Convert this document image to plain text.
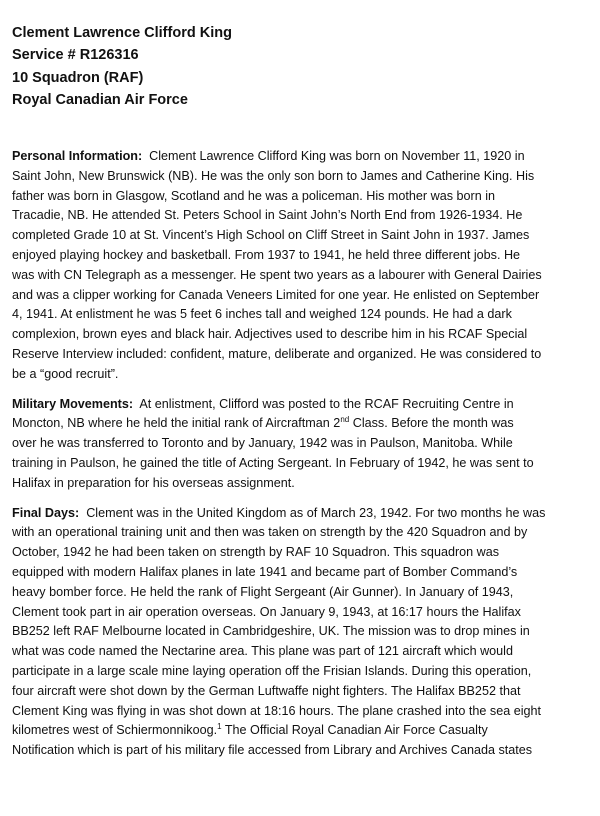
Clement Lawrence Clifford King
Service # R126316
10 Squadron (RAF)
Royal Canadian Air Force
Personal Information: Clement Lawrence Clifford King was born on November 11, 1920 in
Saint John, New Brunswick (NB). He was the only son born to James and Catherine King. His
father was born in Glasgow, Scotland and he was a policeman. His mother was born in
Tracadie, NB. He attended St. Peters School in Saint John’s North End from 1926-1934. He
completed Grade 10 at St. Vincent’s High School on Cliff Street in Saint John in 1937. James
enjoyed playing hockey and basketball. From 1937 to 1941, he held three different jobs. He
was with CN Telegraph as a messenger. He spent two years as a labourer with General Dairies
and was a clipper working for Canada Veneers Limited for one year. He enlisted on September
4, 1941. At enlistment he was 5 feet 6 inches tall and weighed 124 pounds. He had a dark
complexion, brown eyes and black hair. Adjectives used to describe him in his RCAF Special
Reserve Interview included: confident, mature, deliberate and organized. He was considered to
be a “good recruit”.
Military Movements: At enlistment, Clifford was posted to the RCAF Recruiting Centre in
Moncton, NB where he held the initial rank of Aircraftman 2nd Class. Before the month was
over he was transferred to Toronto and by January, 1942 was in Paulson, Manitoba. While
training in Paulson, he gained the title of Acting Sergeant. In February of 1942, he was sent to
Halifax in preparation for his overseas assignment.
Final Days: Clement was in the United Kingdom as of March 23, 1942. For two months he was
with an operational training unit and then was taken on strength by the 420 Squadron and by
October, 1942 he had been taken on strength by RAF 10 Squadron. This squadron was
equipped with modern Halifax planes in late 1941 and became part of Bomber Command’s
heavy bomber force. He held the rank of Flight Sergeant (Air Gunner). In January of 1943,
Clement took part in air operation overseas. On January 9, 1943, at 16:17 hours the Halifax
BB252 left RAF Melbourne located in Cambridgeshire, UK. The mission was to drop mines in
what was code named the Nectarine area. This plane was part of 121 aircraft which would
participate in a large scale mine laying operation off the Frisian Islands. During this operation,
four aircraft were shot down by the German Luftwaffe night fighters. The Halifax BB252 that
Clement King was flying in was shot down at 18:16 hours. The plane crashed into the sea eight
kilometres west of Schiermonnikoog.$^1$ The Official Royal Canadian Air Force Casualty
Notification which is part of his military file accessed from Library and Archives Canada states
